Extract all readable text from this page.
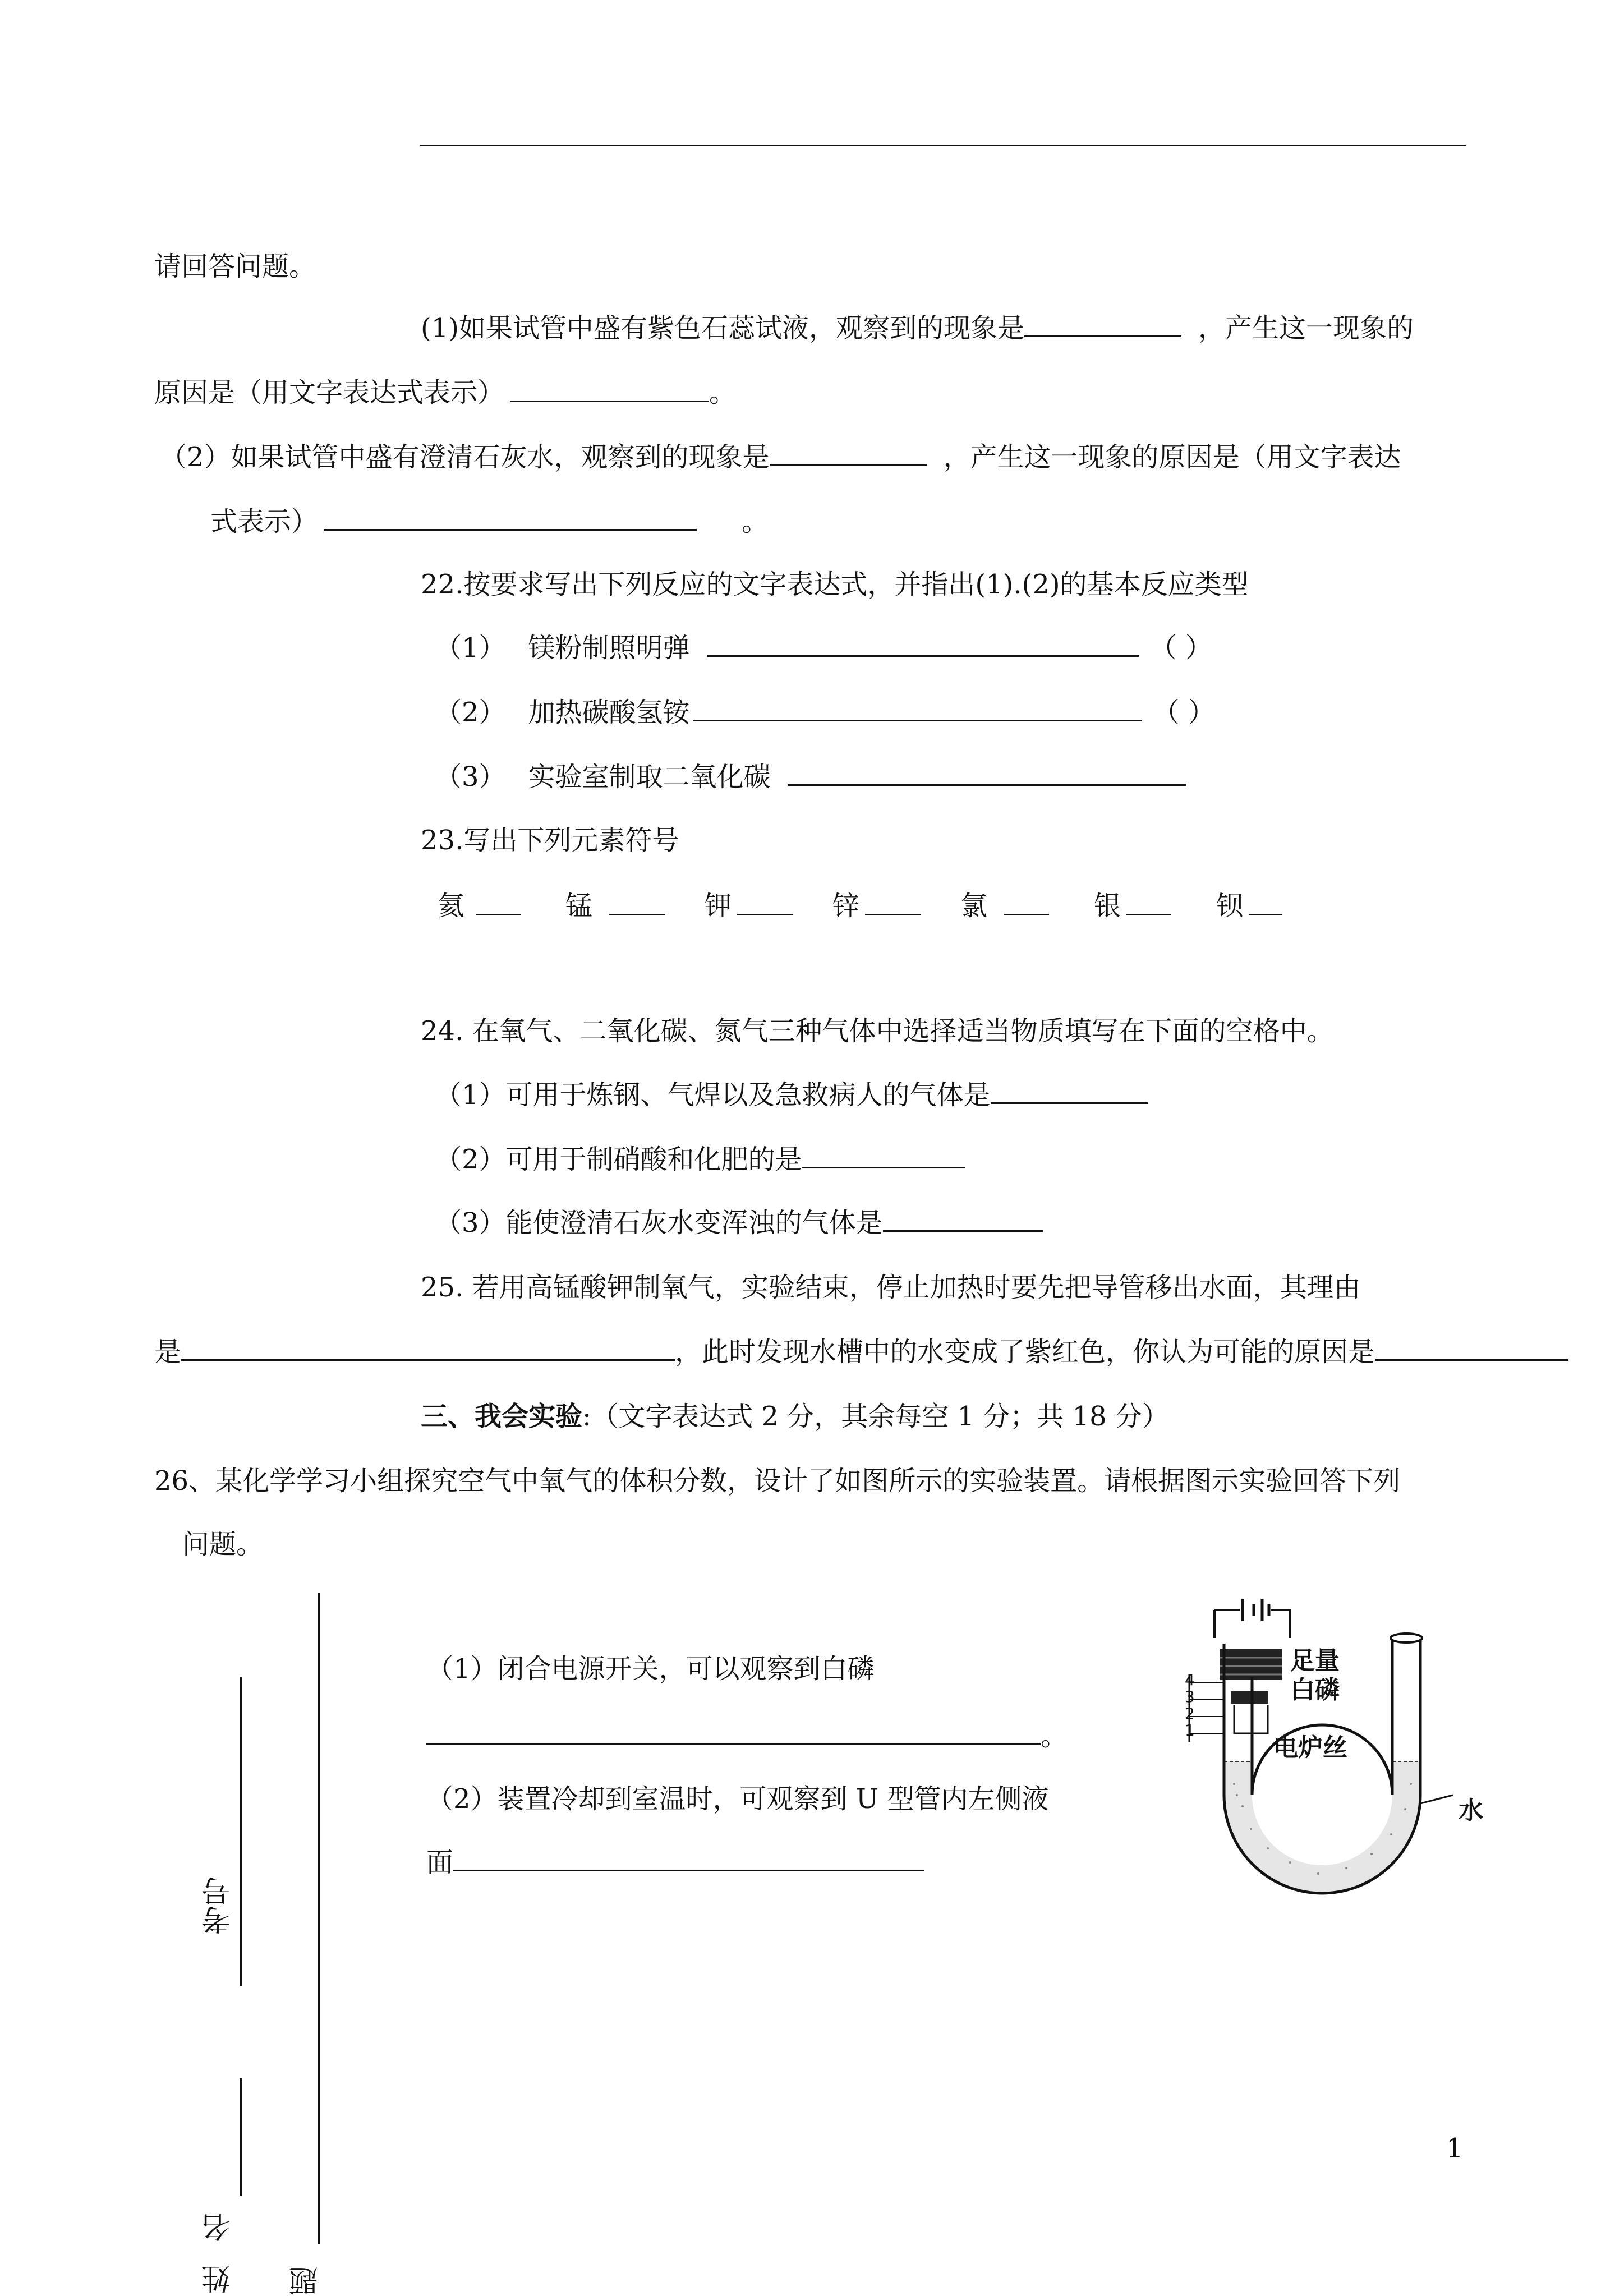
请回答问题。
(1)如果试管中盛有紫色石蕊试液，观察到的现象是	，产生这一现象的
原因是（用文字表达式表示）	。
（2）如果试管中盛有澄清石灰水，观察到的现象是	，产生这一现象的原因是（用文字表达
式表示）	。
22.按要求写出下列反应的文字表达式，并指出(1).(2)的基本反应类型
（1） 镁粉制照明弹	（ ）
（2） 加热碳酸氢铵	（ ）
（3） 实验室制取二氧化碳
23.写出下列元素符号
氦	锰	钾	锌	氯	银	钡
24. 在氧气、二氧化碳、氮气三种气体中选择适当物质填写在下面的空格中。
（1）可用于炼钢、气焊以及急救病人的气体是
（2）可用于制硝酸和化肥的是
（3）能使澄清石灰水变浑浊的气体是
25. 若用高锰酸钾制氧气，实验结束，停止加热时要先把导管移出水面，其理由
是	，此时发现水槽中的水变成了紫红色，你认为可能的原因是
三、我会实验:（文字表达式 2 分，其余每空 1 分；共 18 分）
26、某化学学习小组探究空气中氧气的体积分数，设计了如图所示的实验装置。请根据图示实验回答下列
问题。
（1）闭合电源开关，可以观察到白磷
。
（2）装置冷却到室温时，可观察到 U 型管内左侧液
面
4
3
2
1
足量白磷
电炉丝
水
考号
姓名 题
1
